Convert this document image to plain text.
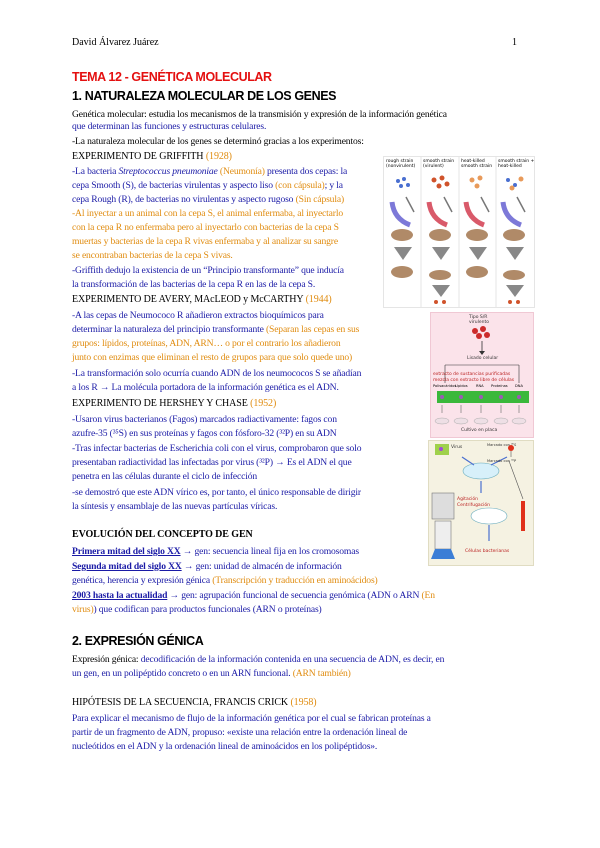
David Álvarez Juárez	1
TEMA 12 - GENÉTICA MOLECULAR
1. NATURALEZA MOLECULAR DE LOS GENES
Genética molecular: estudia los mecanismos de la transmisión y expresión de la información genética
que determinan las funciones y estructuras celulares.
-La naturaleza molecular de los genes se determinó gracias a los experimentos:
EXPERIMENTO DE GRIFFITH (1928)
-La bacteria Streptococcus pneumoniae (Neumonía) presenta dos cepas: la
cepa Smooth (S), de bacterias virulentas y aspecto liso (con cápsula); y la
cepa Rough (R), de bacterias no virulentas y aspecto rugoso (Sin cápsula)
-Al inyectar a un animal con la cepa S, el animal enfermaba, al inyectarlo
con la cepa R no enfermaba pero al inyectarlo con bacterias de la cepa S
muertas y bacterias de la cepa R vivas enfermaba y al analizar su sangre
se encontraban bacterias de la cepa S vivas.
-Griffith dedujo la existencia de un “Principio transformante” que inducía
la transformación de las bacterias de la cepa R en las de la cepa S.
EXPERIMENTO DE AVERY, MAcLEOD y McCARTHY (1944)
-A las cepas de Neumococo R añadieron extractos bioquímicos para
determinar la naturaleza del principio transformante (Separan las cepas en sus
grupos: lípidos, proteínas, ADN, ARN… o por el contrario los añadieron
junto con enzimas que eliminan el resto de grupos para que solo quede uno)
-La transformación solo ocurría cuando ADN de los neumococos S se añadían
a los R → La molécula portadora de la información genética es el ADN.
EXPERIMENTO DE HERSHEY Y CHASE (1952)
-Usaron virus bacterianos (Fagos) marcados radiactivamente: fagos con
azufre-35 (³⁵S) en sus proteínas y fagos con fósforo-32 (³²P) en su ADN
-Tras infectar bacterias de Escherichia coli con el virus, comprobaron que solo
presentaban radiactividad las infectadas por virus (³²P) → Es el ADN el que
penetra en las células durante el ciclo de infección
-se demostró que este ADN vírico es, por tanto, el único responsable de dirigir
la síntesis y ensamblaje de las nuevas partículas víricas.
EVOLUCIÓN DEL CONCEPTO DE GEN
Primera mitad del siglo XX → gen: secuencia lineal fija en los cromosomas
Segunda mitad del siglo XX → gen: unidad de almacén de información
genética, herencia y expresión génica (Transcripción y traducción en aminoácidos)
2003 hasta la actualidad → gen: agrupación funcional de secuencia genómica (ADN o ARN (En
virus)) que codifican para productos funcionales (ARN o proteínas)
2. EXPRESIÓN GÉNICA
Expresión génica: decodificación de la información contenida en una secuencia de ADN, es decir, en
un gen, en un polipéptido concreto o en un ARN funcional. (ARN también)
HIPÓTESIS DE LA SECUENCIA, FRANCIS CRICK (1958)
Para explicar el mecanismo de flujo de la información genética por el cual se fabrican proteínas a
partir de un fragmento de ADN, propuso: «existe una relación entre la ordenación lineal de
nucleótidos en el ADN y la ordenación lineal de aminoácidos en los polipéptidos».
rough strain
(nonvirulent)
smooth strain
(virulent)
heat-killed
smooth strain
smooth strain +
heat-killed
Tipo S/R
virulento
Lisado celular
extracto de sustancias purificadas
mezcla con extracto libre de células
Polisacáridos
Lípidos RNA Proteínas DNA
Cultivo en placa
Virus	Marcado con ³⁵S
Marcado con ³²P
Agitación
Centrifugación
Células bacterianas
